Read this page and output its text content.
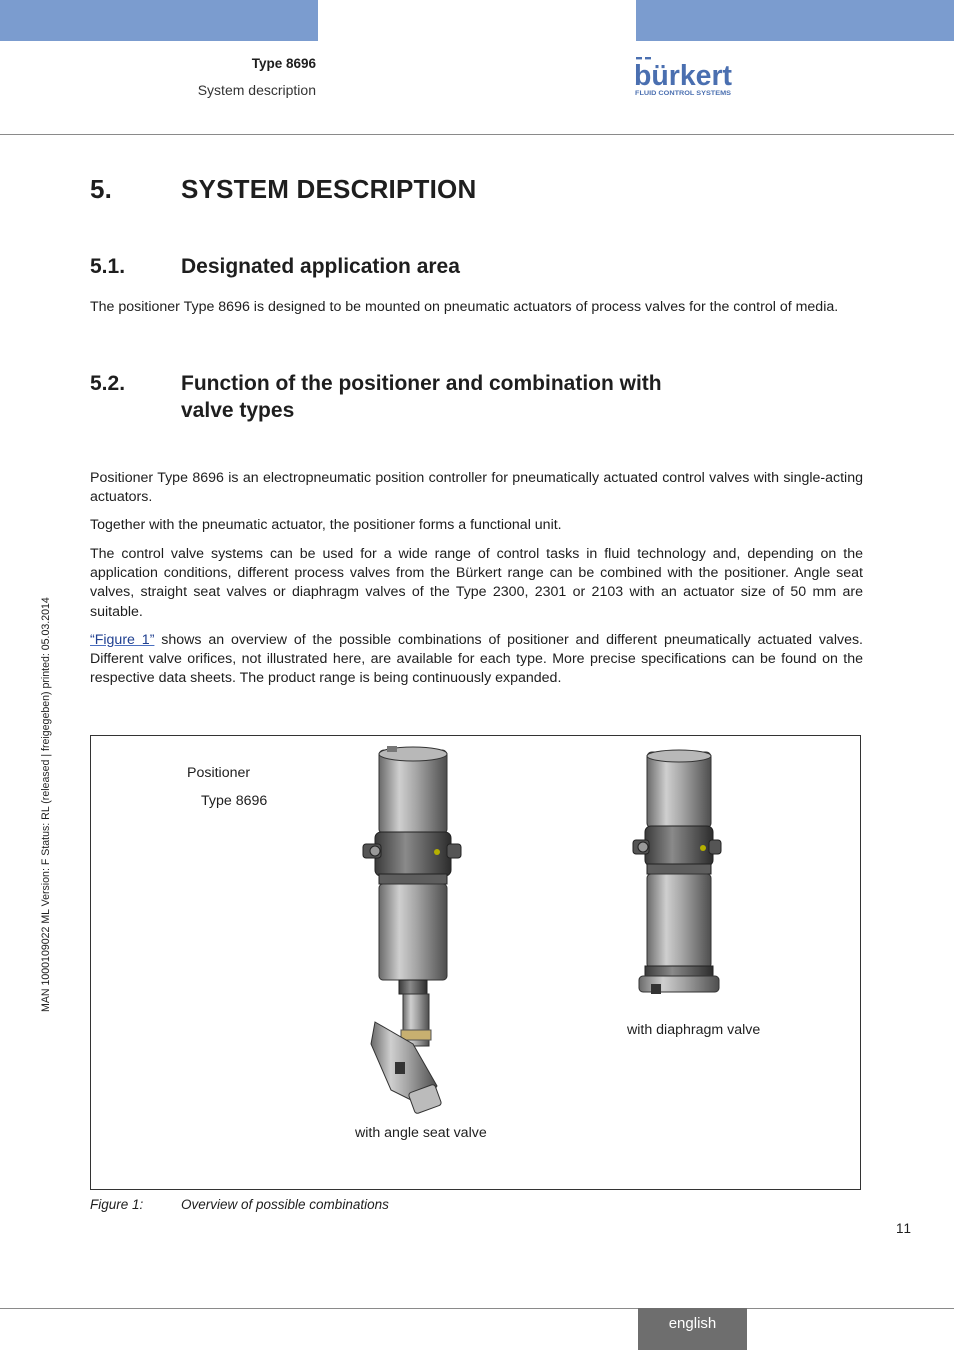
Type 8696
System description	bürkert
FLUID CONTROL SYSTEMS
5.	SYSTEM DESCRIPTION
5.1.	Designated application area
The positioner Type 8696 is designed to be mounted on pneumatic actuators of process valves for the control of media.
5.2.	Function of the positioner and combination with
valve types
Positioner Type 8696 is an electropneumatic position controller for pneumatically actuated control valves with single-acting actuators.
Together with the pneumatic actuator, the positioner forms a functional unit.
The control valve systems can be used for a wide range of control tasks in fluid technology and, depending on the application conditions, different process valves from the Bürkert range can be combined with the positioner. Angle seat valves, straight seat valves or diaphragm valves of the Type 2300, 2301 or 2103 with an actuator size of 50 mm are suitable.
“Figure 1” shows an overview of the possible combinations of positioner and different pneumatically actuated valves. Different valve orifices, not illustrated here, are available for each type. More precise specifications can be found on the respective data sheets. The product range is being continuously expanded.
Positioner
Type 8696
with angle seat valve
with diaphragm valve
Figure 1:	Overview of possible combinations
11
MAN 1000109022 ML Version: F Status: RL (released | freigegeben) printed: 05.03.2014
english
